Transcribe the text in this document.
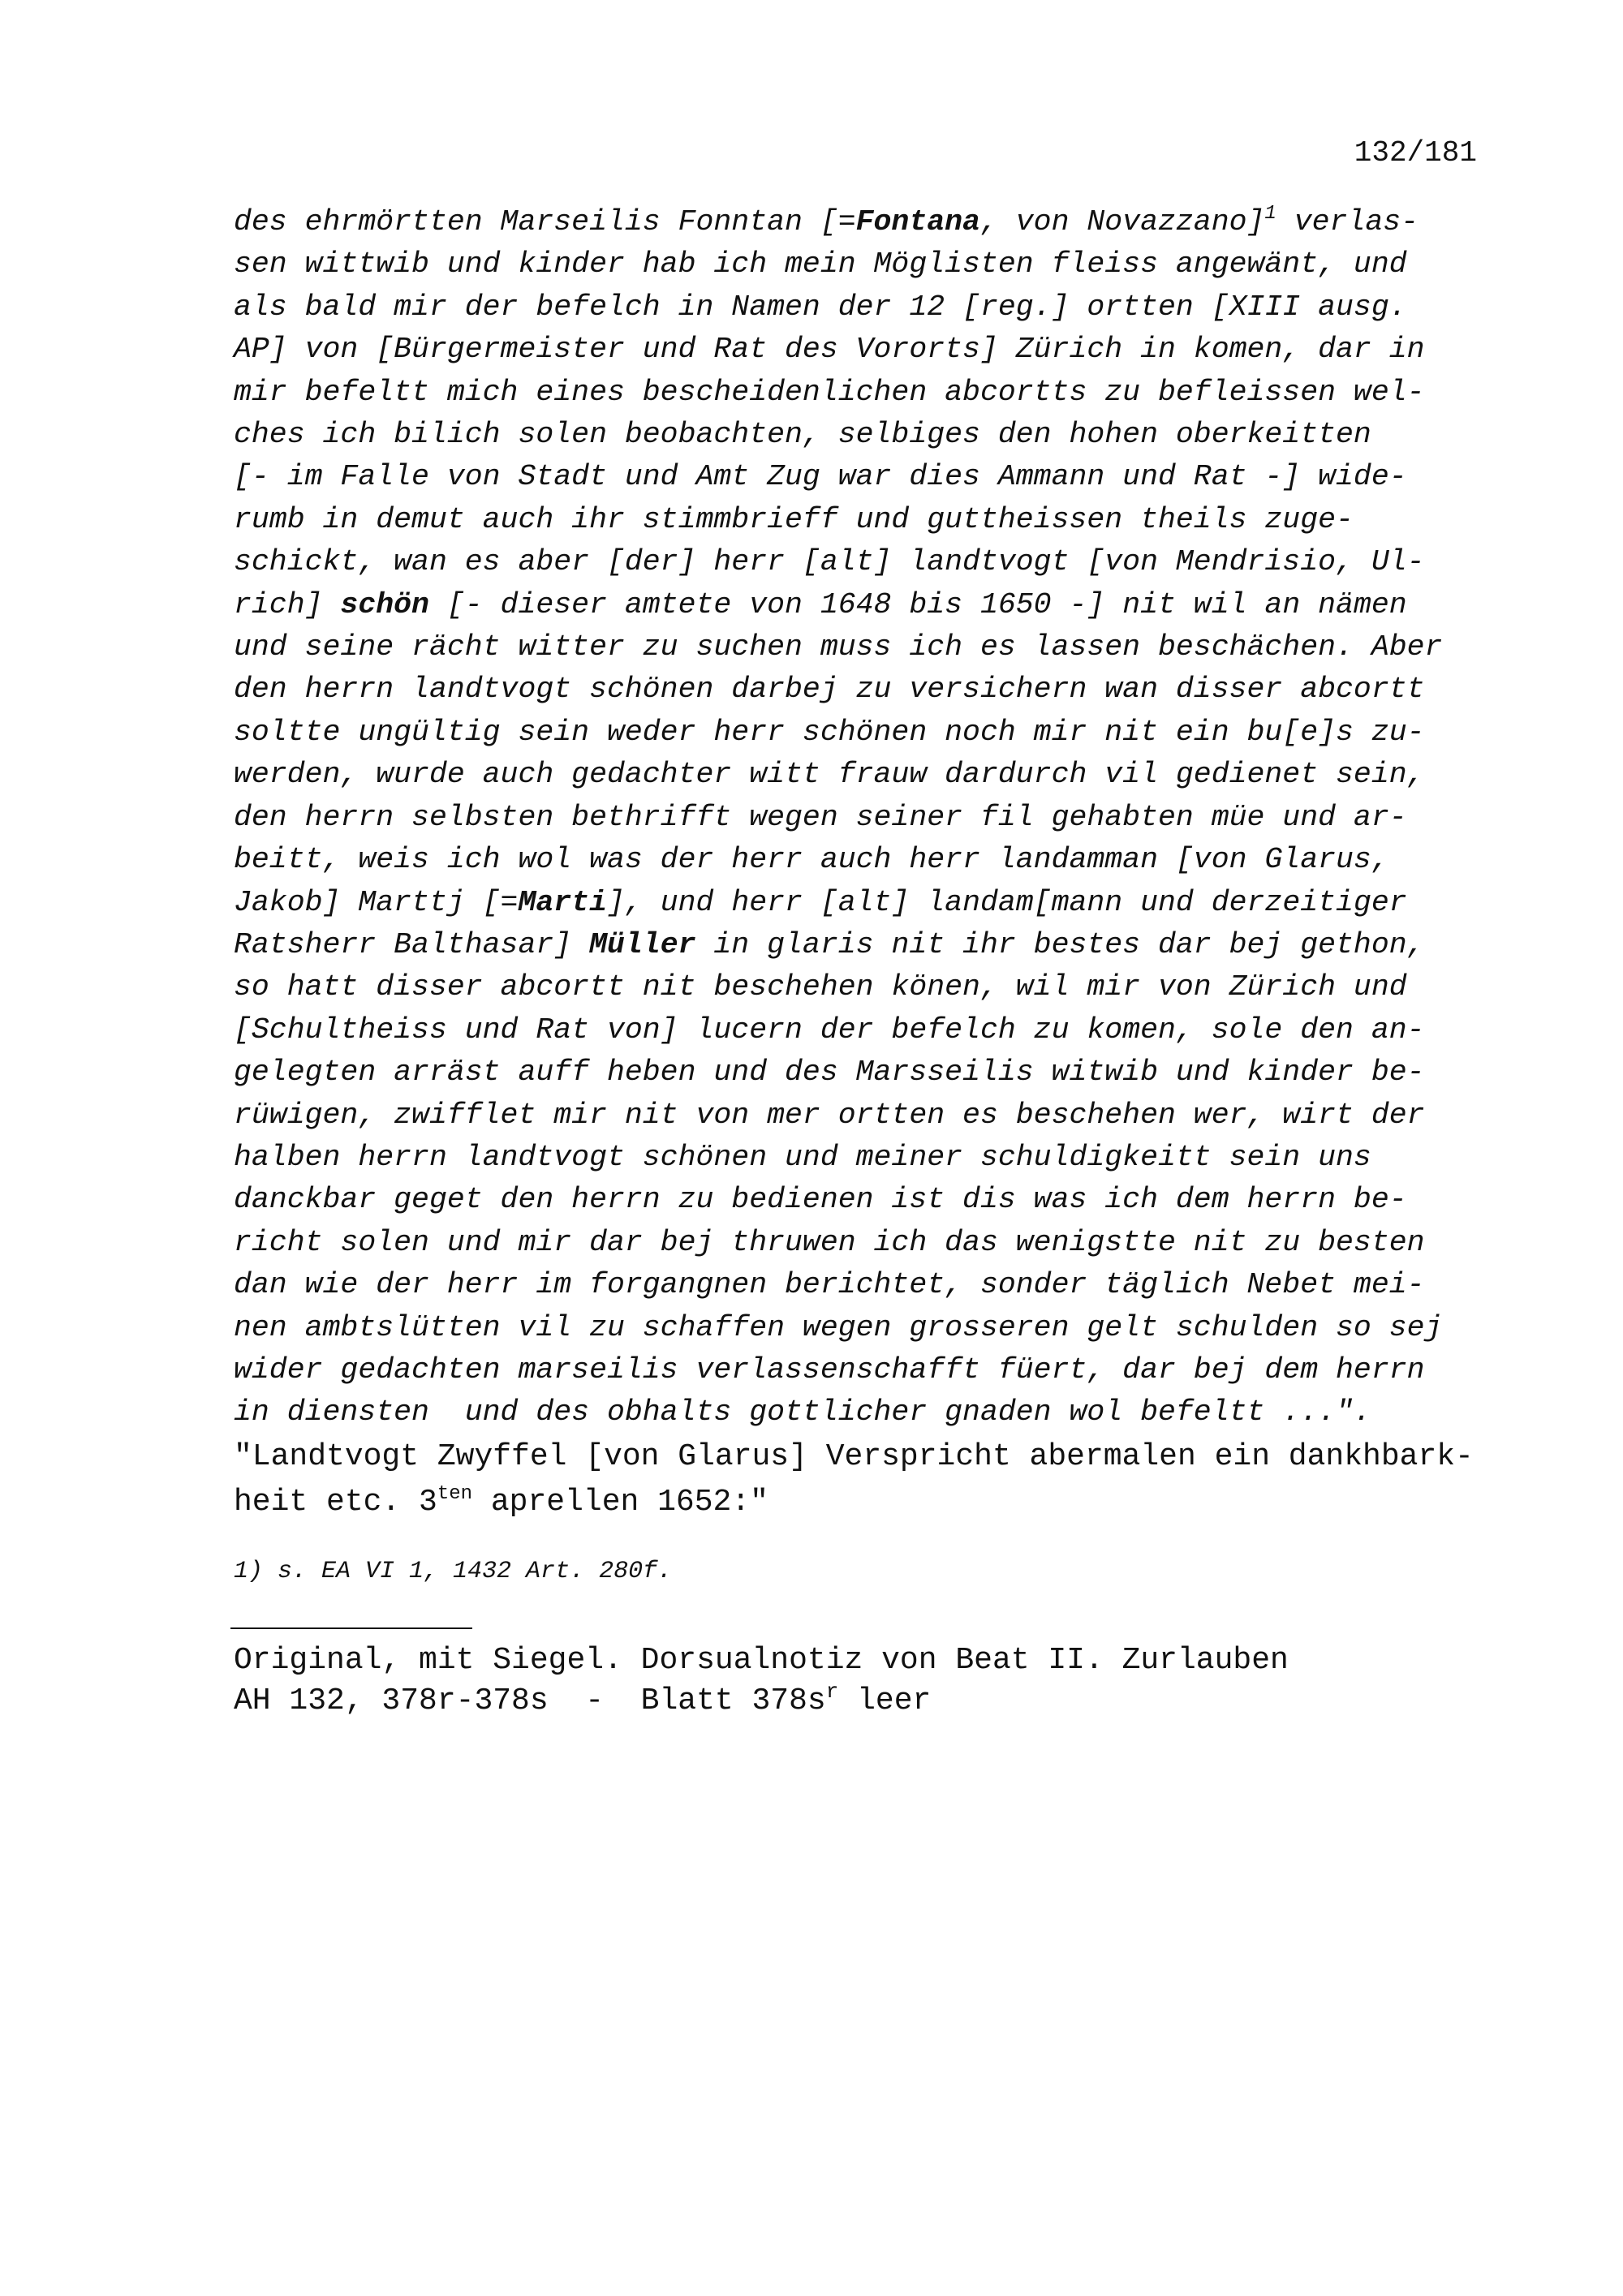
132/181
des ehrmörtten Marseilis Fonntan [=Fontana, von Novazzano]$^1$ verlas-
sen wittwib und kinder hab ich mein Möglisten fleiss angewänt, und
als bald mir der befelch in Namen der 12 [reg.] ortten [XIII ausg.
AP] von [Bürgermeister und Rat des Vororts] Zürich in komen, dar in
mir befeltt mich eines bescheidenlichen abcortts zu befleissen wel-
ches ich bilich solen beobachten, selbiges den hohen oberkeitten
[- im Falle von Stadt und Amt Zug war dies Ammann und Rat -] wide-
rumb in demut auch ihr stimmbrieff und guttheissen theils zuge-
schickt, wan es aber [der] herr [alt] landtvogt [von Mendrisio, Ul-
rich] schön [- dieser amtete von 1648 bis 1650 -] nit wil an nämen
und seine rächt witter zu suchen muss ich es lassen beschächen. Aber
den herrn landtvogt schönen darbej zu versichern wan disser abcortt
soltte ungültig sein weder herr schönen noch mir nit ein bu[e]s zu-
werden, wurde auch gedachter witt frauw dardurch vil gedienet sein,
den herrn selbsten bethrifft wegen seiner fil gehabten müe und ar-
beitt, weis ich wol was der herr auch herr landamman [von Glarus,
Jakob] Marttj [=Marti], und herr [alt] landam[mann und derzeitiger
Ratsherr Balthasar] Müller in glaris nit ihr bestes dar bej gethon,
so hatt disser abcortt nit beschehen könen, wil mir von Zürich und
[Schultheiss und Rat von] lucern der befelch zu komen, sole den an-
gelegten arräst auff heben und des Marsseilis witwib und kinder be-
rüwigen, zwifflet mir nit von mer ortten es beschehen wer, wirt der
halben herrn landtvogt schönen und meiner schuldigkeitt sein uns
danckbar geget den herrn zu bedienen ist dis was ich dem herrn be-
richt solen und mir dar bej thruwen ich das wenigstte nit zu besten
dan wie der herr im forgangnen berichtet, sonder täglich Nebet mei-
nen ambtslütten vil zu schaffen wegen grosseren gelt schulden so sej
wider gedachten marseilis verlassenschafft füert, dar bej dem herrn
in diensten  und des obhalts gottlicher gnaden wol befeltt ...".
"Landtvogt Zwyffel [von Glarus] Verspricht abermalen ein dankhbark-
heit etc. $3^{ten}$ aprellen 1652:"
1) s. EA VI 1, 1432 Art. 280f.
Original, mit Siegel. Dorsualnotiz von Beat II. Zurlauben
AH 132, 378r-378s  -  Blatt $378s^r$ leer
